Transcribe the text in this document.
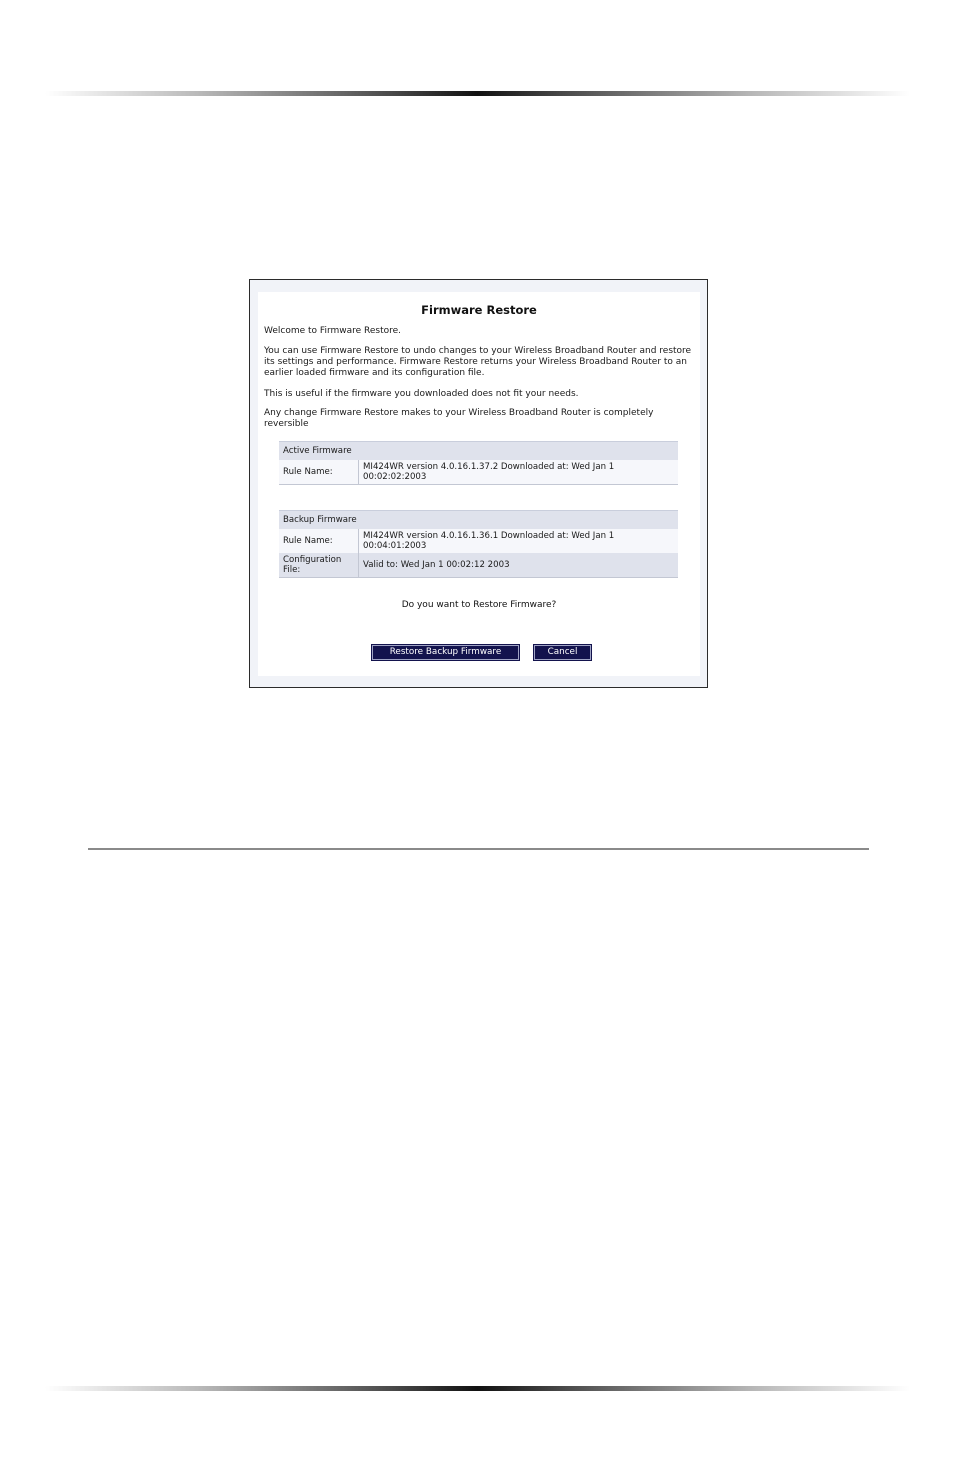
Firmware Restore

Welcome to Firmware Restore.

You can use Firmware Restore to undo changes to your Wireless Broadband Router and restore its settings and performance. Firmware Restore returns your Wireless Broadband Router to an earlier loaded firmware and its configuration file.

This is useful if the firmware you downloaded does not fit your needs.

Any change Firmware Restore makes to your Wireless Broadband Router is completely reversible

Active Firmware
Rule Name:	MI424WR version 4.0.16.1.37.2 Downloaded at: Wed Jan 1 00:02:02:2003
Backup Firmware	
Rule Name:	MI424WR version 4.0.16.1.36.1 Downloaded at: Wed Jan 1 00:04:01:2003
Configuration File:	Valid to: Wed Jan 1 00:02:12 2003
Do you want to Restore Firmware?
Restore Backup Firmware	Cancel
